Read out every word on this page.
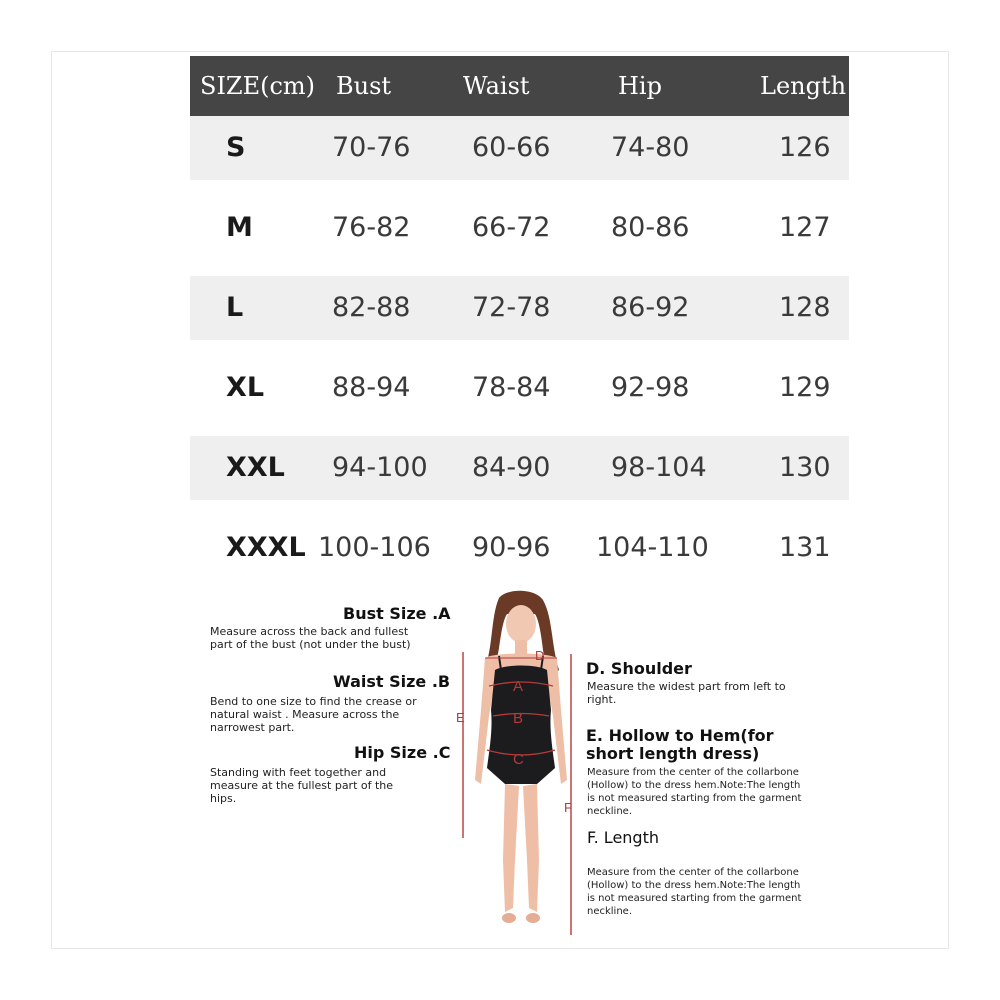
SIZE(cm) Bust	Waist	Hip	Length
S	70-76 60-66 74-80	126
M	76-82 66-72 80-86	127
L	82-88 72-78 86-92	128
XL	88-94 78-84 92-98	129
XXL 94-100 84-90 98-104	130
XXXL 100-106 90-96 104-110	131
Bust Size .A
Measure across the back and fullest
part of the bust (not under the bust)
Waist Size .B
Bend to one size to find the crease or
natural waist . Measure across the
narrowest part.
Hip Size .C
Standing with feet together and
measure at the fullest part of the
hips.
A
B
C
D
E
F
D. Shoulder
Measure the widest part from left to
right.
E. Hollow to Hem(for
short length dress)
Measure from the center of the collarbone
(Hollow) to the dress hem.Note:The length
is not measured starting from the garment
neckline.
F. Length
Measure from the center of the collarbone
(Hollow) to the dress hem.Note:The length
is not measured starting from the garment
neckline.
